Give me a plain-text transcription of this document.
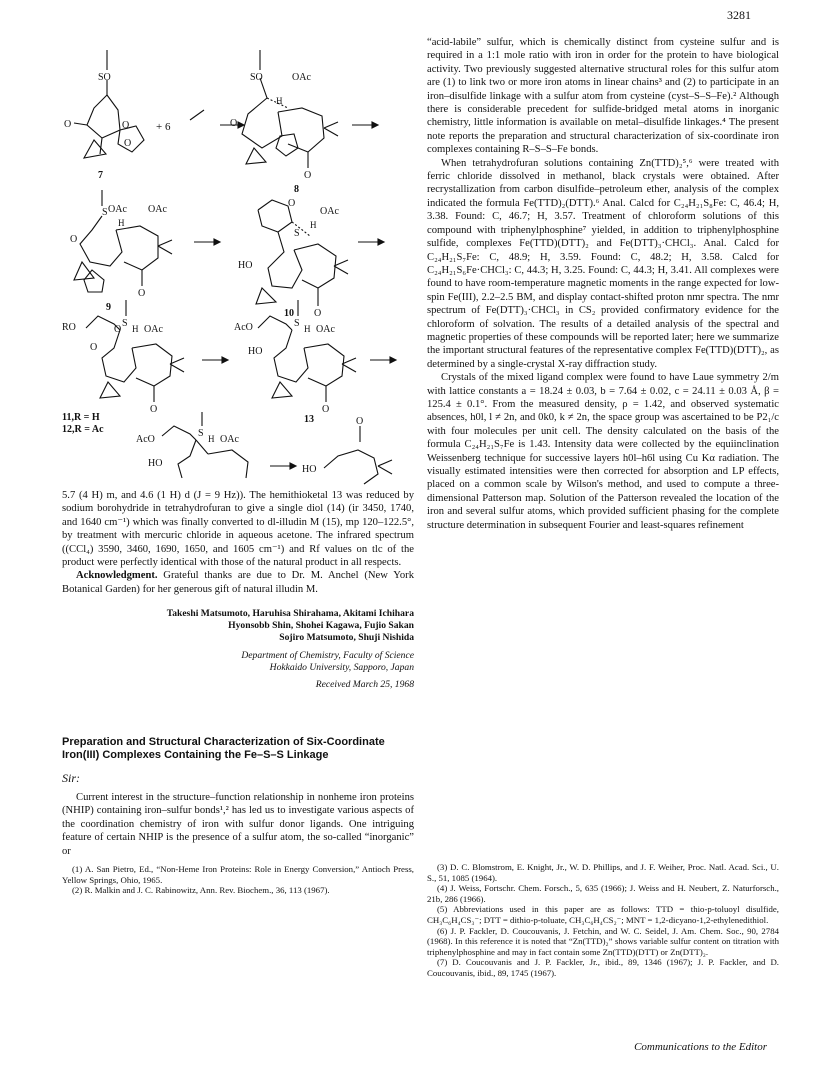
3281
SO
O	O
O
7
+ 6
SO
H
OAc
O
O
8
S OAc OAc
H
O
O
9
O
S
H
OAc
HO
O
10
RO	S
O H OAc
O
O
11,R = H
12,R = Ac
AcO	S H OAc
HO
O
13
AcO
S H OAc
HO
O
HO

5.7 (4 H) m, and 4.6 (1 H) d (J = 9 Hz)). The hemithioketal 13 was reduced by sodium borohydride in tetrahydrofuran to give a single diol (14) (ir 3450, 1740, and 1640 cm⁻¹) which was finally converted to dl-illudin M (15), mp 120–122.5°, by treatment with mercuric chloride in aqueous acetone. The infrared spectrum ((CCl₄) 3590, 3460, 1690, 1650, and 1605 cm⁻¹) and Rf values on tlc of the product were perfectly identical with those of the natural product in all respects.

Acknowledgment. Grateful thanks are due to Dr. M. Anchel (New York Botanical Garden) for her generous gift of natural illudin M.

Takeshi Matsumoto, Haruhisa Shirahama, Akitami Ichihara
Hyonsobb Shin, Shohei Kagawa, Fujio Sakan
Sojiro Matsumoto, Shuji Nishida
Department of Chemistry, Faculty of Science
Hokkaido University, Sapporo, Japan
Received March 25, 1968
Preparation and Structural Characterization of Six-Coordinate Iron(III) Complexes Containing the Fe–S–S Linkage
Sir:

Current interest in the structure–function relationship in nonheme iron proteins (NHIP) containing iron–sulfur bonds¹,² has led us to investigate various aspects of the coordination chemistry of iron with sulfur donor ligands. One intriguing feature of certain NHIP is the presence of a sulfur atom, the so-called “inorganic” or

(1) A. San Pietro, Ed., “Non-Heme Iron Proteins: Role in Energy Conversion,” Antioch Press, Yellow Springs, Ohio, 1965.

(2) R. Malkin and J. C. Rabinowitz, Ann. Rev. Biochem., 36, 113 (1967).

“acid-labile” sulfur, which is chemically distinct from cysteine sulfur and is required in a 1:1 mole ratio with iron in order for the protein to have biological activity. Two previously suggested alternative structural roles for this sulfur atom are (1) to link two or more iron atoms in linear chains³ and (2) to participate in an iron–disulfide linkage with a sulfur atom from cysteine (cyst–S–S–Fe).² Although there is considerable precedent for sulfide-bridged metal atoms in inorganic chemistry, little information is available on metal–disulfide linkages.⁴ The present note reports the preparation and structural characterization of six-coordinate iron complexes containing R–S–S–Fe bonds.

When tetrahydrofuran solutions containing Zn(TTD)₂⁵,⁶ were treated with ferric chloride dissolved in methanol, black crystals were obtained. After recrystallization from carbon disulfide–petroleum ether, analysis of the complex indicated the formula Fe(TTD)₂(DTT).⁶ Anal. Calcd for C₂₄H₂₁S₈Fe: C, 46.4; H, 3.38. Found: C, 46.7; H, 3.57. Treatment of chloroform solutions of this compound with triphenylphosphine⁷ yielded, in addition to triphenylphosphine sulfide, complexes Fe(TTD)(DTT)₂ and Fe(DTT)₃·CHCl₃. Anal. Calcd for C₂₄H₂₁S₇Fe: C, 48.9; H, 3.59. Found: C, 48.2; H, 3.58. Calcd for C₂₄H₂₁S₆Fe·CHCl₃: C, 44.3; H, 3.25. Found: C, 44.3; H, 3.41. All complexes were found to have room-temperature magnetic moments in the range expected for low-spin Fe(III), 2.2–2.5 BM, and display contact-shifted proton nmr spectra. The nmr spectrum of Fe(DTT)₃·CHCl₃ in CS₂ provided confirmatory evidence for the chloroform of solvation. The results of a detailed analysis of the spectral and magnetic properties of these compounds will be reported later; here we summarize the important structural features of the representative complex Fe(TTD)(DTT)₂, as determined by a single-crystal X-ray diffraction study.

Crystals of the mixed ligand complex were found to have Laue symmetry 2/m with lattice constants a = 18.24 ± 0.03, b = 7.64 ± 0.02, c = 24.11 ± 0.03 Å, β = 125.4 ± 0.1°. From the measured density, ρ = 1.42, and observed systematic absences, h0l, l ≠ 2n, and 0k0, k ≠ 2n, the space group was ascertained to be P2₁/c with four molecules per unit cell. The density calculated on the basis of the formula C₂₄H₂₁S₇Fe is 1.43. Intensity data were collected by the equiinclination Weissenberg technique for successive layers h0l–h6l using Cu Kα radiation. The visually estimated intensities were then corrected for absorption and LP effects, placed on a common scale by Wilson's method, and used to compute a three-dimensional Patterson map. Solution of the Patterson revealed the location of the iron and several sulfur atoms, which provided sufficient phasing for the complete structure determination in subsequent Fourier and least-squares refinement

(3) D. C. Blomstrom, E. Knight, Jr., W. D. Phillips, and J. F. Weiher, Proc. Natl. Acad. Sci., U. S., 51, 1085 (1964).

(4) J. Weiss, Fortschr. Chem. Forsch., 5, 635 (1966); J. Weiss and H. Neubert, Z. Naturforsch., 21b, 286 (1966).

(5) Abbreviations used in this paper are as follows: TTD = thio-p-toluoyl disulfide, CH₃C₆H₄CS₃⁻; DTT = dithio-p-toluate, CH₃C₆H₄CS₂⁻; MNT = 1,2-dicyano-1,2-ethylenedithiol.

(6) J. P. Fackler, D. Coucouvanis, J. Fetchin, and W. C. Seidel, J. Am. Chem. Soc., 90, 2784 (1968). In this reference it is noted that “Zn(TTD)₂” shows variable sulfur content on titration with triphenylphosphine and may in fact contain some Zn(TTD)(DTT) or Zn(DTT)₂.

(7) D. Coucouvanis and J. P. Fackler, Jr., ibid., 89, 1346 (1967); J. P. Fackler, and D. Coucouvanis, ibid., 89, 1745 (1967).

Communications to the Editor
